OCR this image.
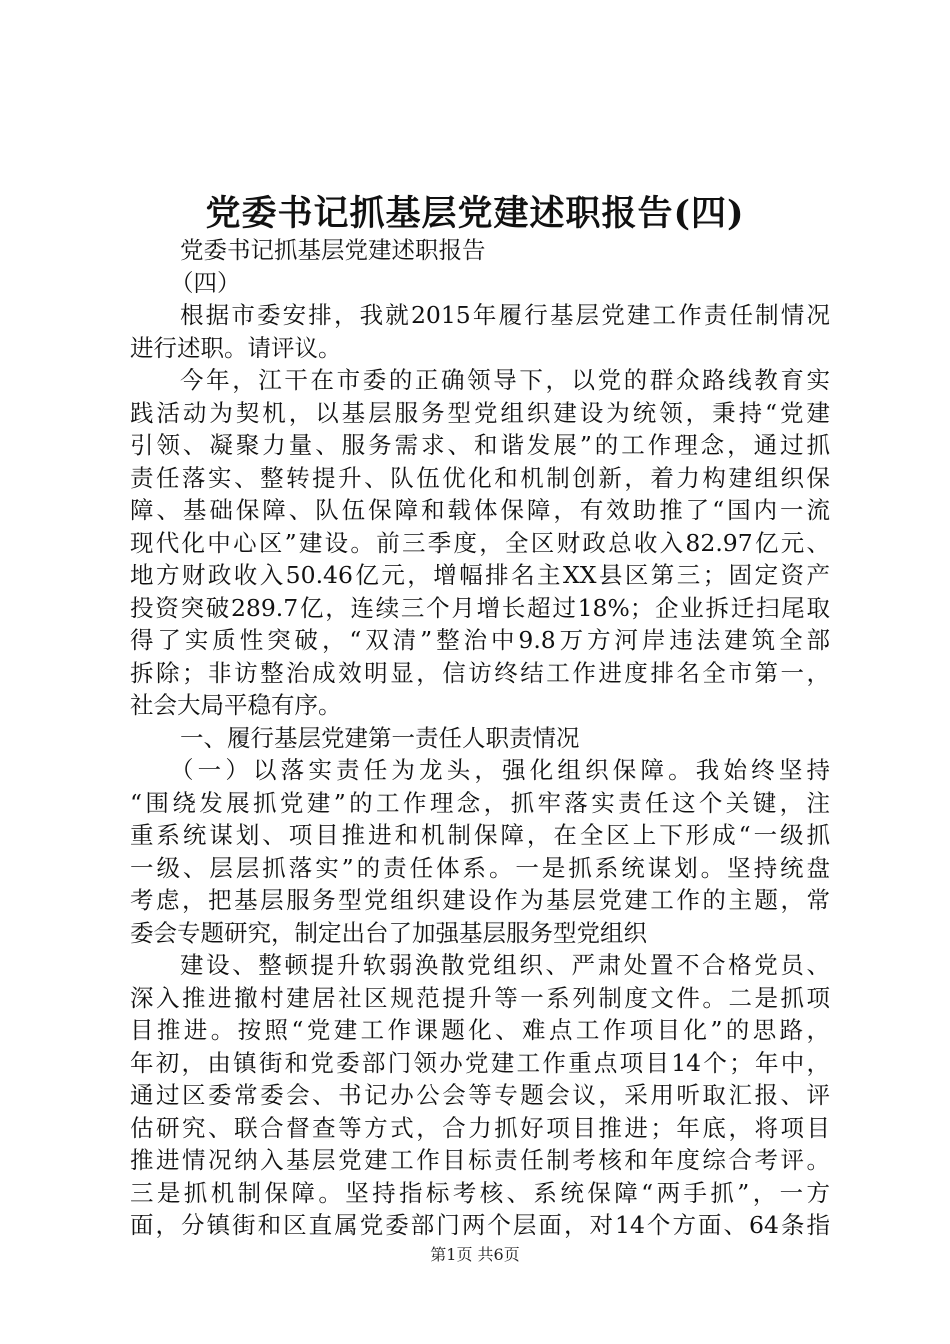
党委书记抓基层党建述职报告(四)
党委书记抓基层党建述职报告
（四）
根据市委安排，我就2015年履行基层党建工作责任制情况
进行述职。请评议。
今年，江干在市委的正确领导下，以党的群众路线教育实
践活动为契机，以基层服务型党组织建设为统领，秉持“党建
引领、凝聚力量、服务需求、和谐发展”的工作理念，通过抓
责任落实、整转提升、队伍优化和机制创新，着力构建组织保
障、基础保障、队伍保障和载体保障，有效助推了“国内一流
现代化中心区”建设。前三季度，全区财政总收入82.97亿元、
地方财政收入50.46亿元，增幅排名主XX县区第三；固定资产
投资突破289.7亿，连续三个月增长超过18%；企业拆迁扫尾取
得了实质性突破，“双清”整治中9.8万方河岸违法建筑全部
拆除；非访整治成效明显，信访终结工作进度排名全市第一，
社会大局平稳有序。
一、履行基层党建第一责任人职责情况
（一）以落实责任为龙头，强化组织保障。我始终坚持
“围绕发展抓党建”的工作理念，抓牢落实责任这个关键，注
重系统谋划、项目推进和机制保障，在全区上下形成“一级抓
一级、层层抓落实”的责任体系。一是抓系统谋划。坚持统盘
考虑，把基层服务型党组织建设作为基层党建工作的主题，常
委会专题研究，制定出台了加强基层服务型党组织
建设、整顿提升软弱涣散党组织、严肃处置不合格党员、
深入推进撤村建居社区规范提升等一系列制度文件。二是抓项
目推进。按照“党建工作课题化、难点工作项目化”的思路，
年初，由镇街和党委部门领办党建工作重点项目14个；年中，
通过区委常委会、书记办公会等专题会议，采用听取汇报、评
估研究、联合督查等方式，合力抓好项目推进；年底，将项目
推进情况纳入基层党建工作目标责任制考核和年度综合考评。
三是抓机制保障。坚持指标考核、系统保障“两手抓”，一方
面，分镇街和区直属党委部门两个层面，对14个方面、64条指
第1页 共6页
